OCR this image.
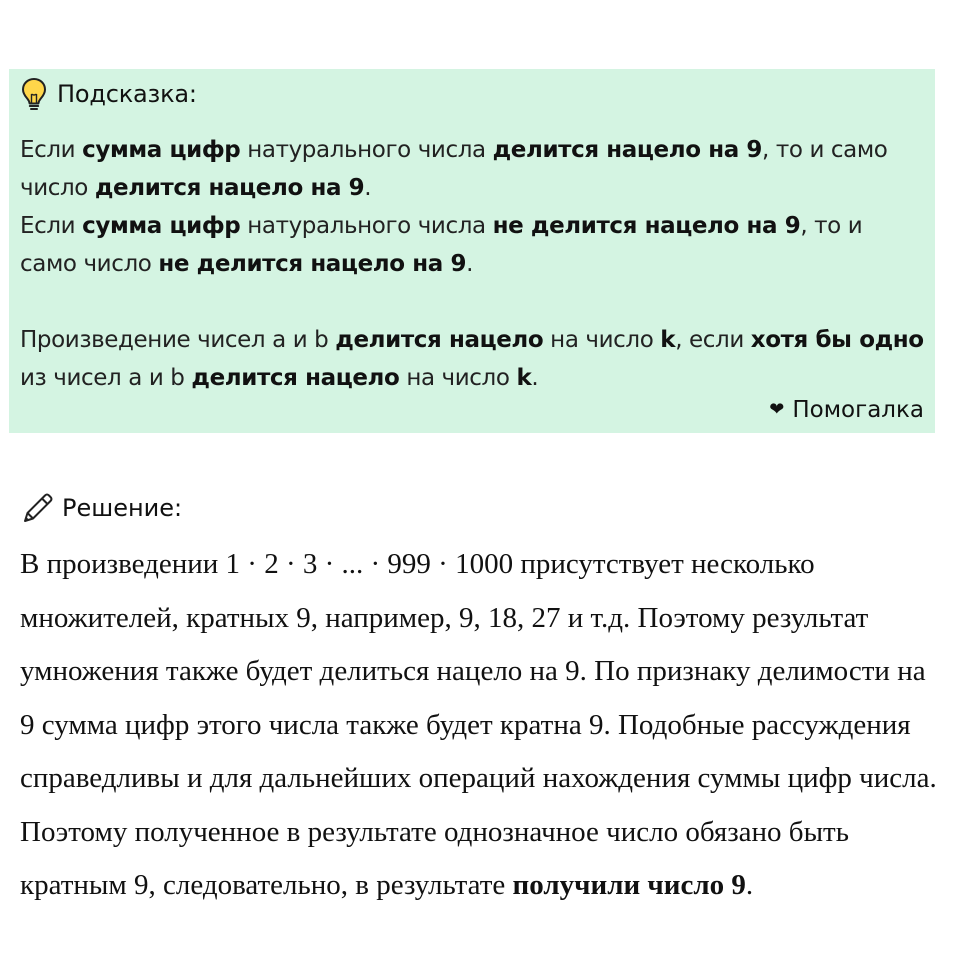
Подсказка:

Если сумма цифр натурального числа делится нацело на 9, то и само число делится нацело на 9.

Если сумма цифр натурального числа не делится нацело на 9, то и само число не делится нацело на 9.

Произведение чисел a и b делится нацело на число k, если хотя бы одно из чисел a и b делится нацело на число k.

❤ Помогалка
Решение:

В произведении 1 · 2 · 3 · ... · 999 · 1000 присутствует несколько множителей, кратных 9, например, 9, 18, 27 и т.д. Поэтому результат умножения также будет делиться нацело на 9. По признаку делимости на 9 сумма цифр этого числа также будет кратна 9. Подобные рассуждения справедливы и для дальнейших операций нахождения суммы цифр числа. Поэтому полученное в результате однозначное число обязано быть кратным 9, следовательно, в результате получили число 9.
